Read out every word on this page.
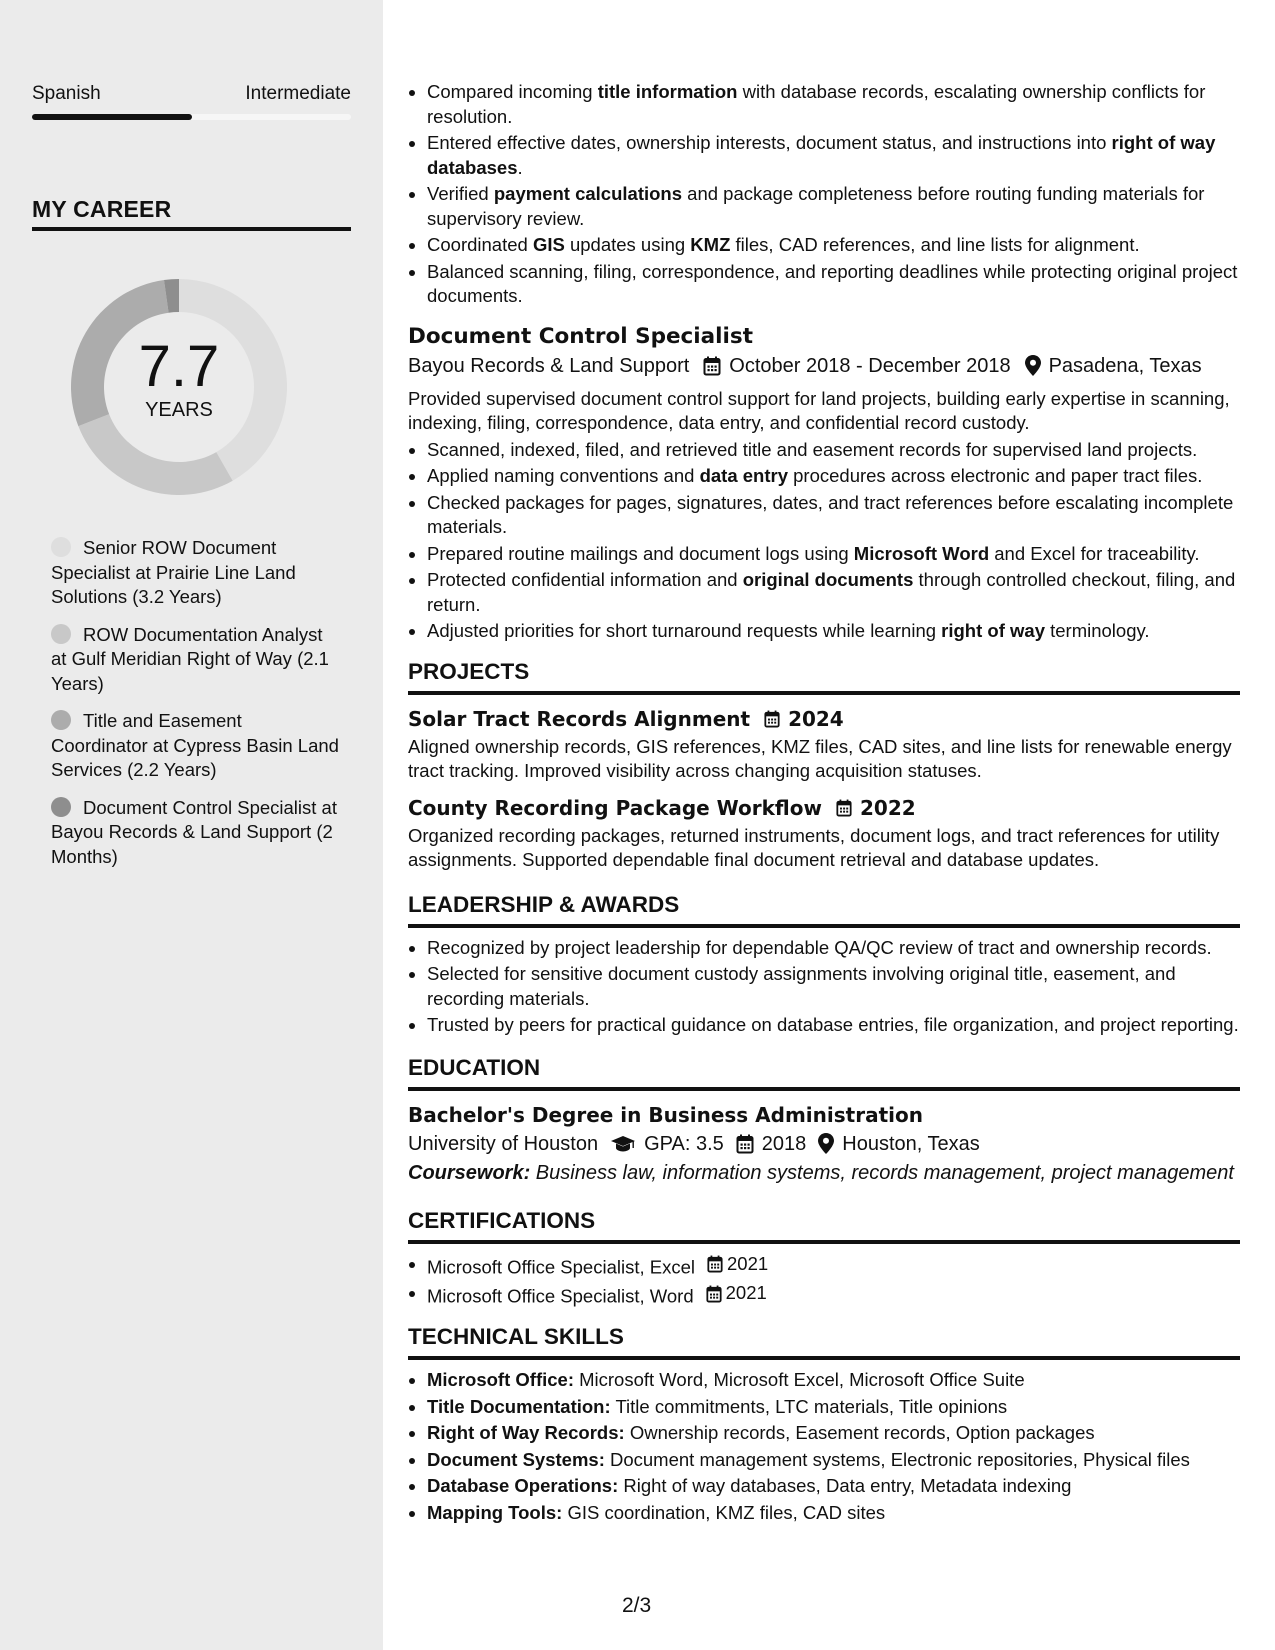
Spanish	Intermediate
MY CAREER
7.7
YEARS
Senior ROW Document Specialist at Prairie Line Land Solutions (3.2 Years)
ROW Documentation Analyst at Gulf Meridian Right of Way (2.1 Years)
Title and Easement Coordinator at Cypress Basin Land Services (2.2 Years)
Document Control Specialist at Bayou Records & Land Support (2 Months)
Compared incoming title information with database records, escalating ownership conflicts for resolution.
Entered effective dates, ownership interests, document status, and instructions into right of way databases.
Verified payment calculations and package completeness before routing funding materials for supervisory review.
Coordinated GIS updates using KMZ files, CAD references, and line lists for alignment.
Balanced scanning, filing, correspondence, and reporting deadlines while protecting original project documents.
Document Control Specialist
Bayou Records & Land Support October 2018 - December 2018 Pasadena, Texas
Provided supervised document control support for land projects, building early expertise in scanning, indexing, filing, correspondence, data entry, and confidential record custody.
Scanned, indexed, filed, and retrieved title and easement records for supervised land projects.
Applied naming conventions and data entry procedures across electronic and paper tract files.
Checked packages for pages, signatures, dates, and tract references before escalating incomplete materials.
Prepared routine mailings and document logs using Microsoft Word and Excel for traceability.
Protected confidential information and original documents through controlled checkout, filing, and return.
Adjusted priorities for short turnaround requests while learning right of way terminology.
PROJECTS
Solar Tract Records Alignment 2024
Aligned ownership records, GIS references, KMZ files, CAD sites, and line lists for renewable energy tract tracking. Improved visibility across changing acquisition statuses.
County Recording Package Workflow 2022
Organized recording packages, returned instruments, document logs, and tract references for utility assignments. Supported dependable final document retrieval and database updates.
LEADERSHIP & AWARDS
Recognized by project leadership for dependable QA/QC review of tract and ownership records.
Selected for sensitive document custody assignments involving original title, easement, and recording materials.
Trusted by peers for practical guidance on database entries, file organization, and project reporting.
EDUCATION
Bachelor's Degree in Business Administration
University of Houston GPA: 3.5 2018 Houston, Texas
Coursework: Business law, information systems, records management, project management
CERTIFICATIONS
Microsoft Office Specialist, Excel 2021
Microsoft Office Specialist, Word 2021
TECHNICAL SKILLS
Microsoft Office: Microsoft Word, Microsoft Excel, Microsoft Office Suite
Title Documentation: Title commitments, LTC materials, Title opinions
Right of Way Records: Ownership records, Easement records, Option packages
Document Systems: Document management systems, Electronic repositories, Physical files
Database Operations: Right of way databases, Data entry, Metadata indexing
Mapping Tools: GIS coordination, KMZ files, CAD sites
2/3
